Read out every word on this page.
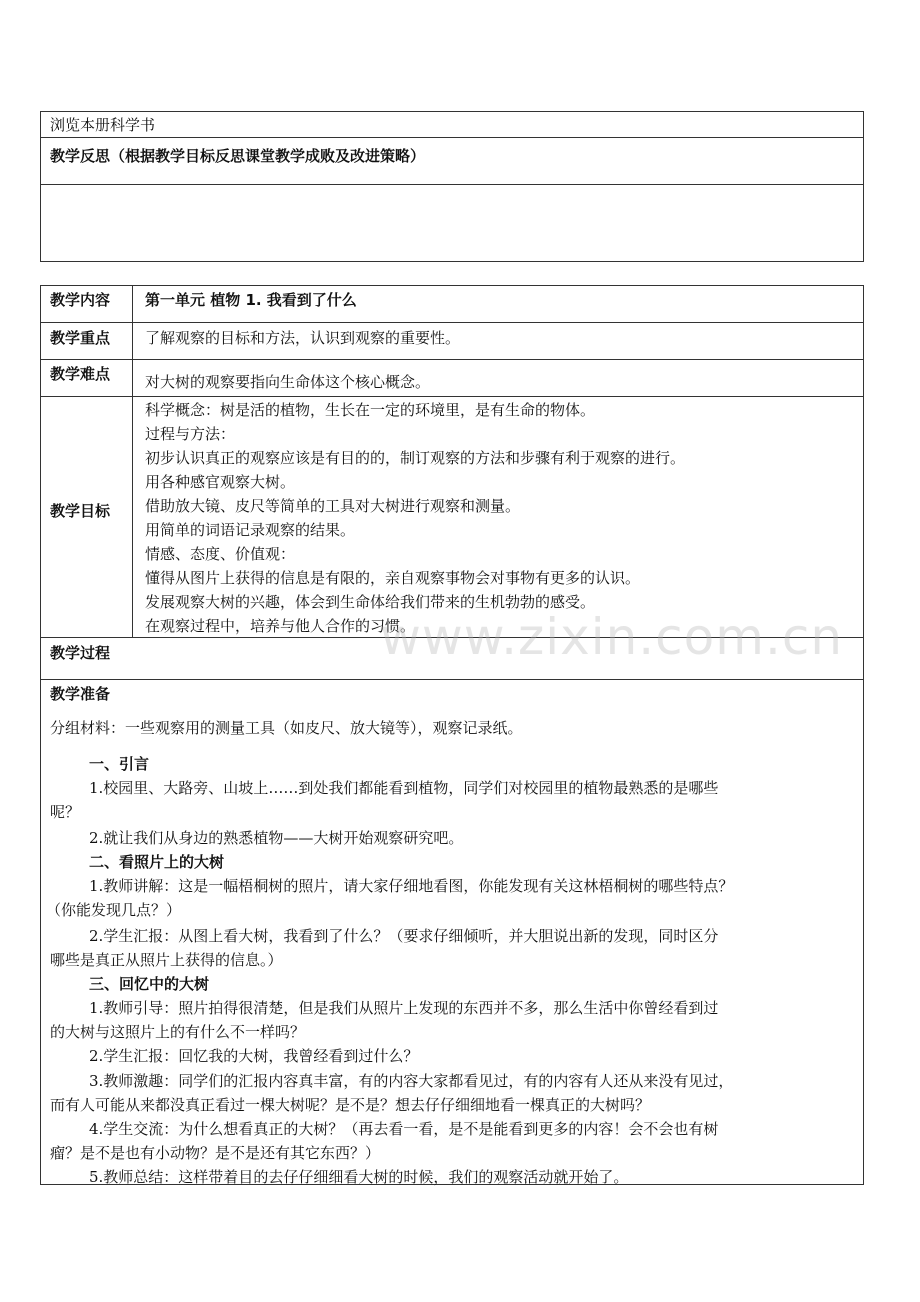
浏览本册科学书
教学反思（根据教学目标反思课堂教学成败及改进策略）
教学内容 第一单元 植物 1. 我看到了什么
教学重点 了解观察的目标和方法，认识到观察的重要性。
教学难点 对大树的观察要指向生命体这个核心概念。
教学目标
科学概念：树是活的植物，生长在一定的环境里，是有生命的物体。
过程与方法：
初步认识真正的观察应该是有目的的，制订观察的方法和步骤有利于观察的进行。
用各种感官观察大树。
借助放大镜、皮尺等简单的工具对大树进行观察和测量。
用简单的词语记录观察的结果。
情感、态度、价值观：
懂得从图片上获得的信息是有限的，亲自观察事物会对事物有更多的认识。
发展观察大树的兴趣，体会到生命体给我们带来的生机勃勃的感受。
在观察过程中，培养与他人合作的习惯。
教学过程
教学准备
分组材料：一些观察用的测量工具（如皮尺、放大镜等），观察记录纸。
一、引言
1.校园里、大路旁、山坡上……到处我们都能看到植物，同学们对校园里的植物最熟悉的是哪些
呢？
2.就让我们从身边的熟悉植物——大树开始观察研究吧。
二、看照片上的大树
1.教师讲解：这是一幅梧桐树的照片，请大家仔细地看图，你能发现有关这林梧桐树的哪些特点？
（你能发现几点？）
2.学生汇报：从图上看大树，我看到了什么？（要求仔细倾听，并大胆说出新的发现，同时区分
哪些是真正从照片上获得的信息。）
三、回忆中的大树
1.教师引导：照片拍得很清楚，但是我们从照片上发现的东西并不多，那么生活中你曾经看到过
的大树与这照片上的有什么不一样吗？
2.学生汇报：回忆我的大树，我曾经看到过什么？
3.教师激趣：同学们的汇报内容真丰富，有的内容大家都看见过，有的内容有人还从来没有见过，
而有人可能从来都没真正看过一棵大树呢？是不是？想去仔仔细细地看一棵真正的大树吗？
4.学生交流：为什么想看真正的大树？（再去看一看，是不是能看到更多的内容！会不会也有树
瘤？是不是也有小动物？是不是还有其它东西？）
5.教师总结：这样带着目的去仔仔细细看大树的时候，我们的观察活动就开始了。
www.zixin.com.cn
